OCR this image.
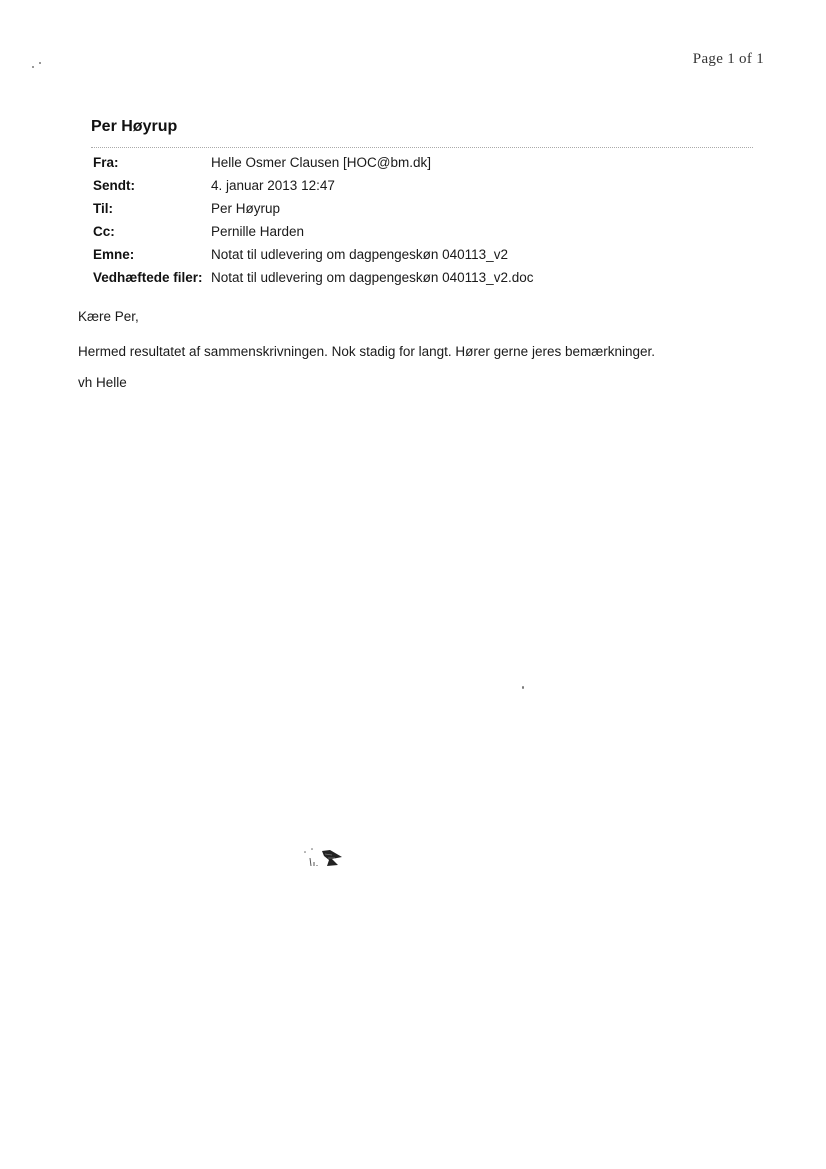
Page 1 of 1
Per Høyrup
Fra:	Helle Osmer Clausen [HOC@bm.dk]
Sendt:	4. januar 2013 12:47
Til:	Per Høyrup
Cc:	Pernille Harden
Emne:	Notat til udlevering om dagpengeskøn 040113_v2
Vedhæftede filer: Notat til udlevering om dagpengeskøn 040113_v2.doc
Kære Per,
Hermed resultatet af sammenskrivningen. Nok stadig for langt. Hører gerne jeres bemærkninger.
vh Helle
